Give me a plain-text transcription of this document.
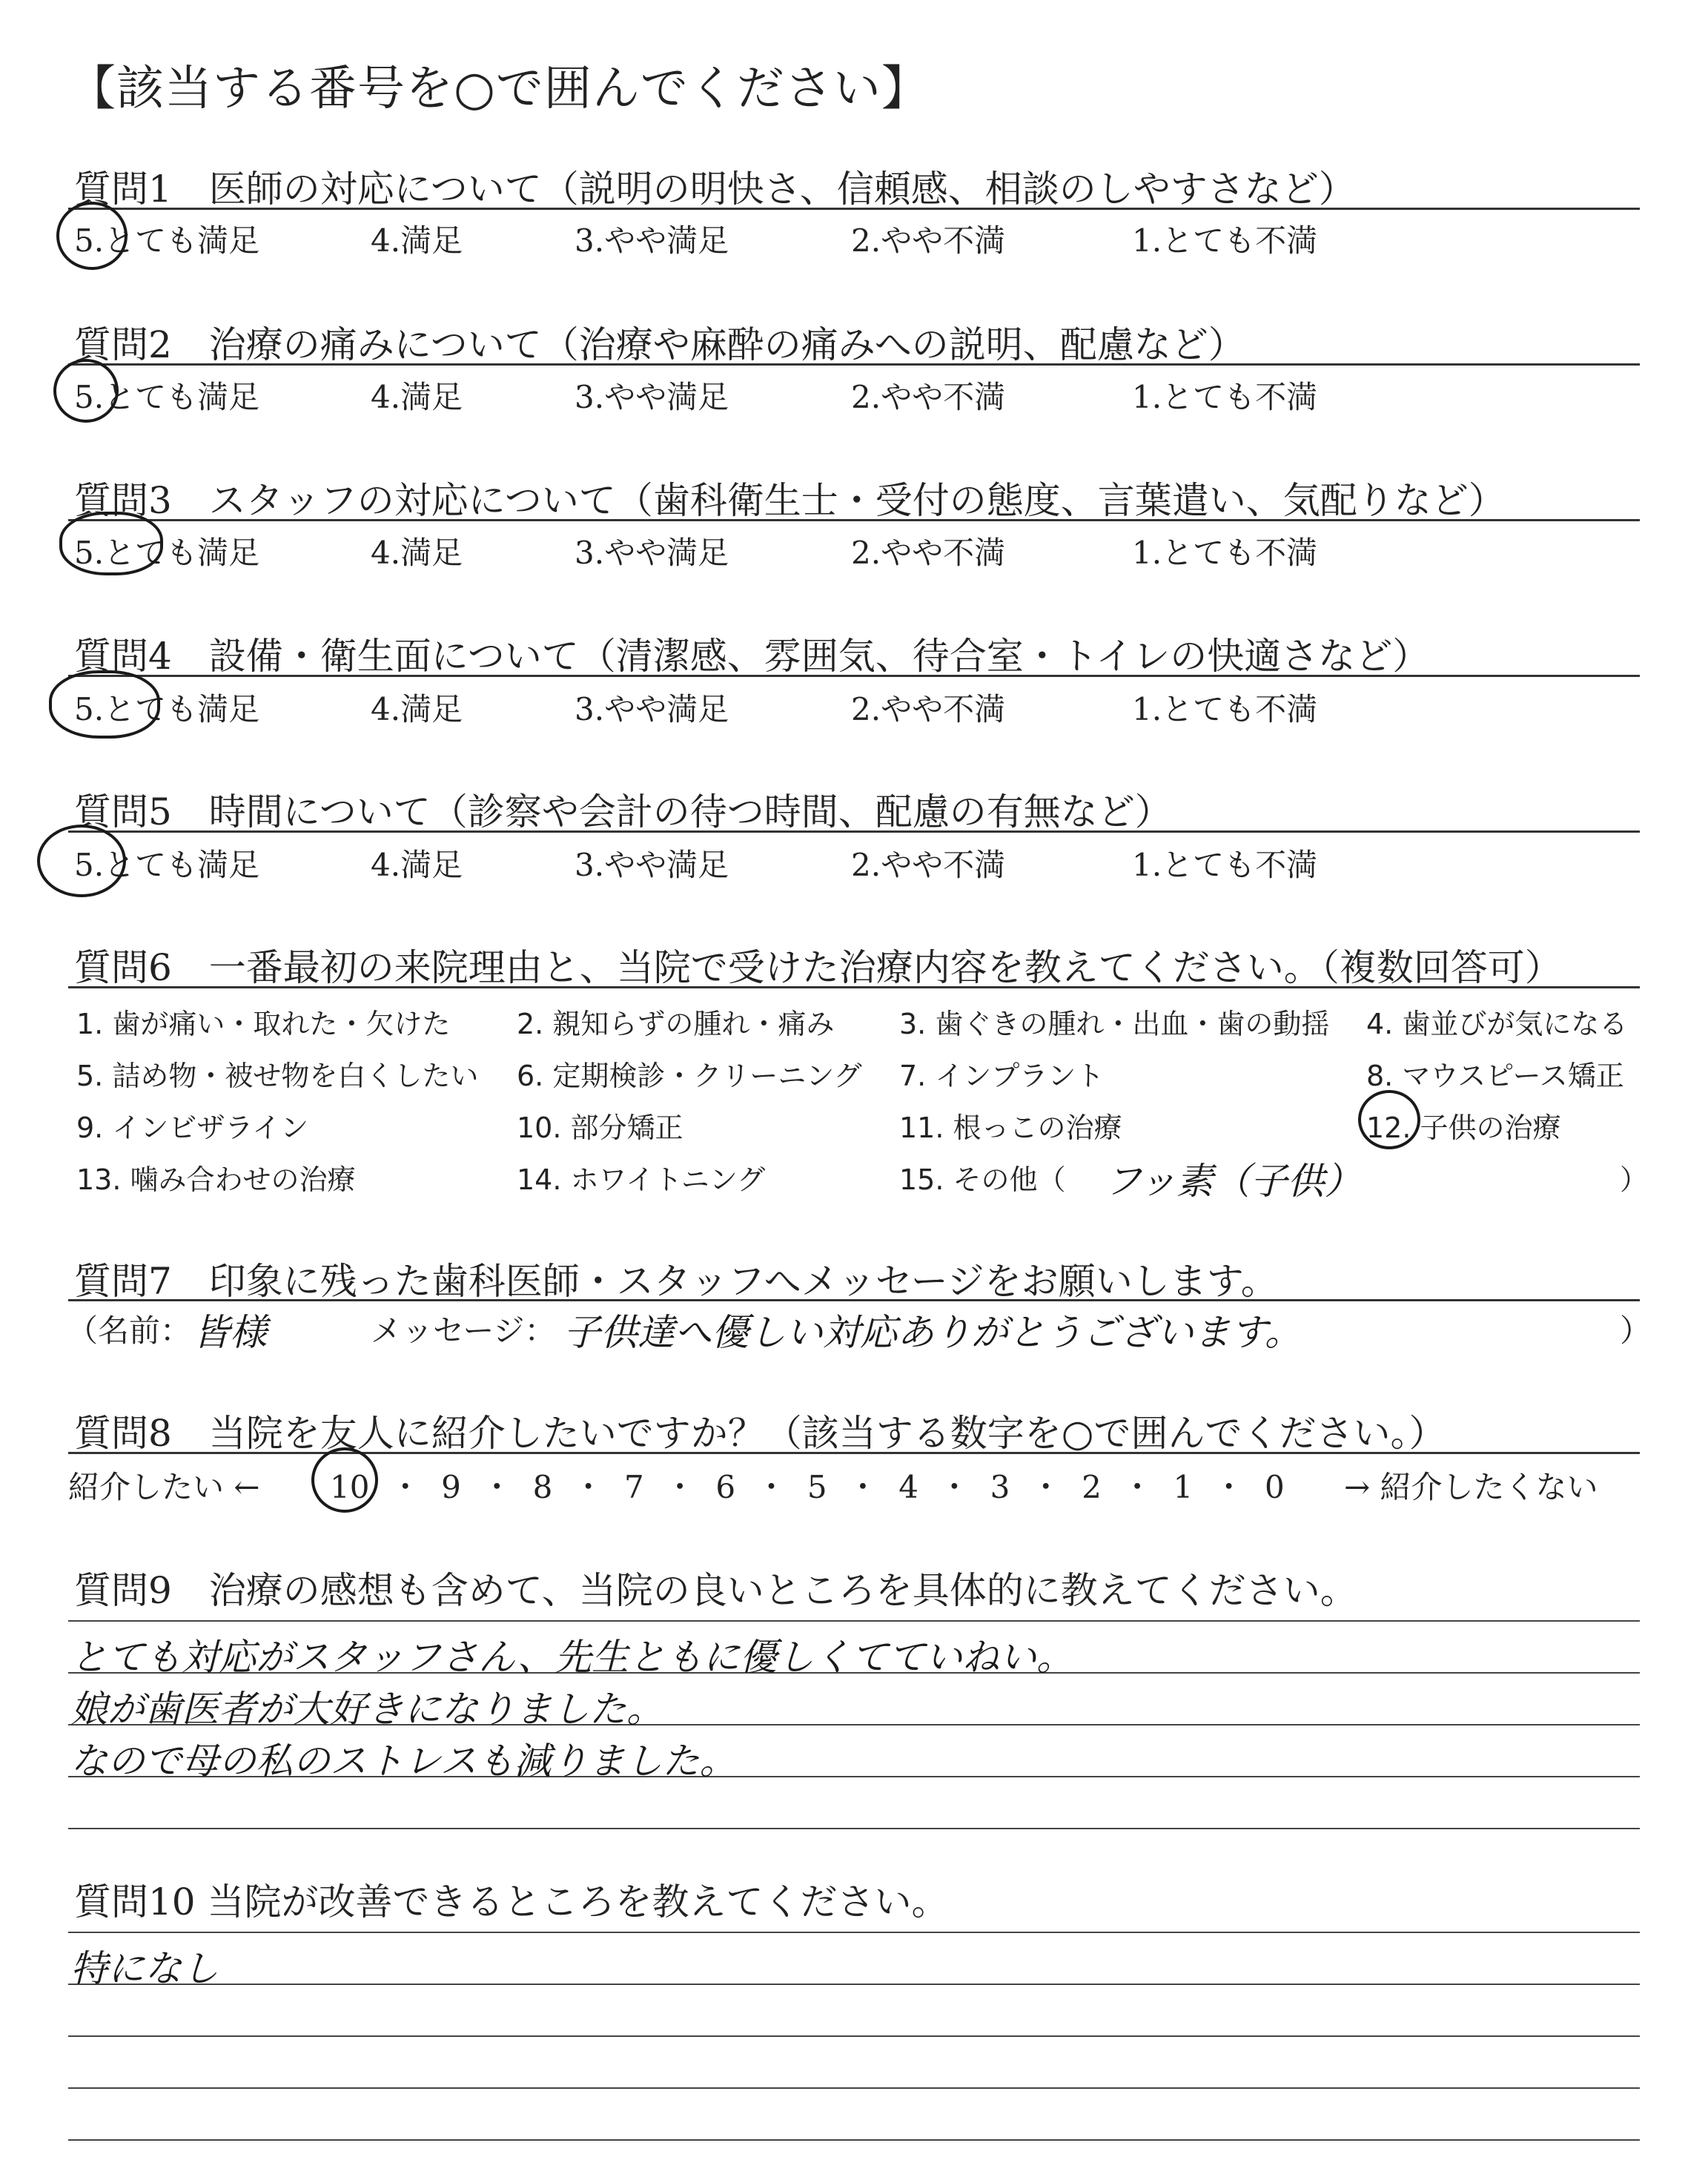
【該当する番号を○で囲んでください】
質問1　医師の対応について（説明の明快さ、信頼感、相談のしやすさなど）
5.とても満足	4.満足	3.やや満足	2.やや不満	1.とても不満
質問2　治療の痛みについて（治療や麻酔の痛みへの説明、配慮など）
5.とても満足	4.満足	3.やや満足	2.やや不満	1.とても不満
質問3　スタッフの対応について（歯科衛生士・受付の態度、言葉遣い、気配りなど）
5.とても満足	4.満足	3.やや満足	2.やや不満	1.とても不満
質問4　設備・衛生面について（清潔感、雰囲気、待合室・トイレの快適さなど）
5.とても満足	4.満足	3.やや満足	2.やや不満	1.とても不満
質問5　時間について（診察や会計の待つ時間、配慮の有無など）
5.とても満足	4.満足	3.やや満足	2.やや不満	1.とても不満
質問6　一番最初の来院理由と、当院で受けた治療内容を教えてください。（複数回答可）
1. 歯が痛い・取れた・欠けた 2. 親知らずの腫れ・痛み 3. 歯ぐきの腫れ・出血・歯の動揺 4. 歯並びが気になる
5. 詰め物・被せ物を白くしたい 6. 定期検診・クリーニング 7. インプラント	8. マウスピース矯正
9. インビザライン	10. 部分矯正	11. 根っこの治療	12. 子供の治療
13. 噛み合わせの治療	14. ホワイトニング	15. その他（ フッ素（子供）	）
質問7　印象に残った歯科医師・スタッフへメッセージをお願いします。
（名前： 皆様	メッセージ： 子供達へ優しい対応ありがとうございます。	）
質問8　当院を友人に紹介したいですか？（該当する数字を○で囲んでください。）
紹介したい ← 10 ・ 9 ・ 8 ・ 7 ・ 6 ・ 5 ・ 4 ・ 3 ・ 2 ・ 1 ・ 0 → 紹介したくない
質問9　治療の感想も含めて、当院の良いところを具体的に教えてください。
とても対応がスタッフさん、先生ともに優しくてていねい。
娘が歯医者が大好きになりました。
なので母の私のストレスも減りました。
質問10 当院が改善できるところを教えてください。
特になし
